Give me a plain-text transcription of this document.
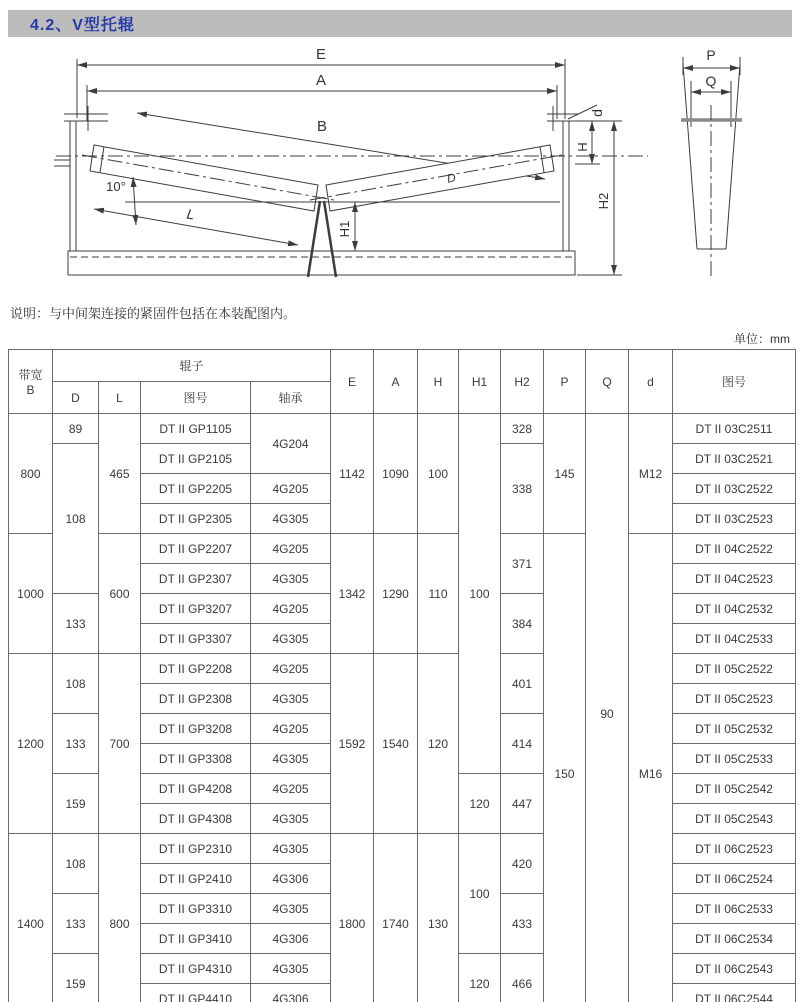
4.2、V型托辊
E
A
B
d
H
H2
H1
10°
L
D
P
Q

说明：与中间架连接的紧固件包括在本装配图内。

单位：mm
带宽
B	辊子				E	A	H	H1	H2	P	Q	d	图号
	D	L	图号	轴承									
800	89	465	DT II GP1105	4G204	1142	1090	100	100	328	145	90	M12	DT II 03C2511
	108		DT II GP2105						338				DT II 03C2521
			DT II GP2205	4G205									DT II 03C2522
			DT II GP2305	4G305									DT II 03C2523
1000		600	DT II GP2207	4G205	1342	1290	110		371	150		M16	DT II 04C2522
			DT II GP2307	4G305									DT II 04C2523
	133		DT II GP3207	4G205					384				DT II 04C2532
			DT II GP3307	4G305									DT II 04C2533
1200	108	700	DT II GP2208	4G205	1592	1540	120		401				DT II 05C2522
			DT II GP2308	4G305									DT II 05C2523
	133		DT II GP3208	4G205					414				DT II 05C2532
			DT II GP3308	4G305									DT II 05C2533
	159		DT II GP4208	4G205				120	447				DT II 05C2542
			DT II GP4308	4G305									DT II 05C2543
1400	108	800	DT II GP2310	4G305	1800	1740	130	100	420				DT II 06C2523
			DT II GP2410	4G306									DT II 06C2524
	133		DT II GP3310	4G305					433				DT II 06C2533
			DT II GP3410	4G306									DT II 06C2534
	159		DT II GP4310	4G305				120	466				DT II 06C2543
			DT II GP4410	4G306									DT II 06C2544
